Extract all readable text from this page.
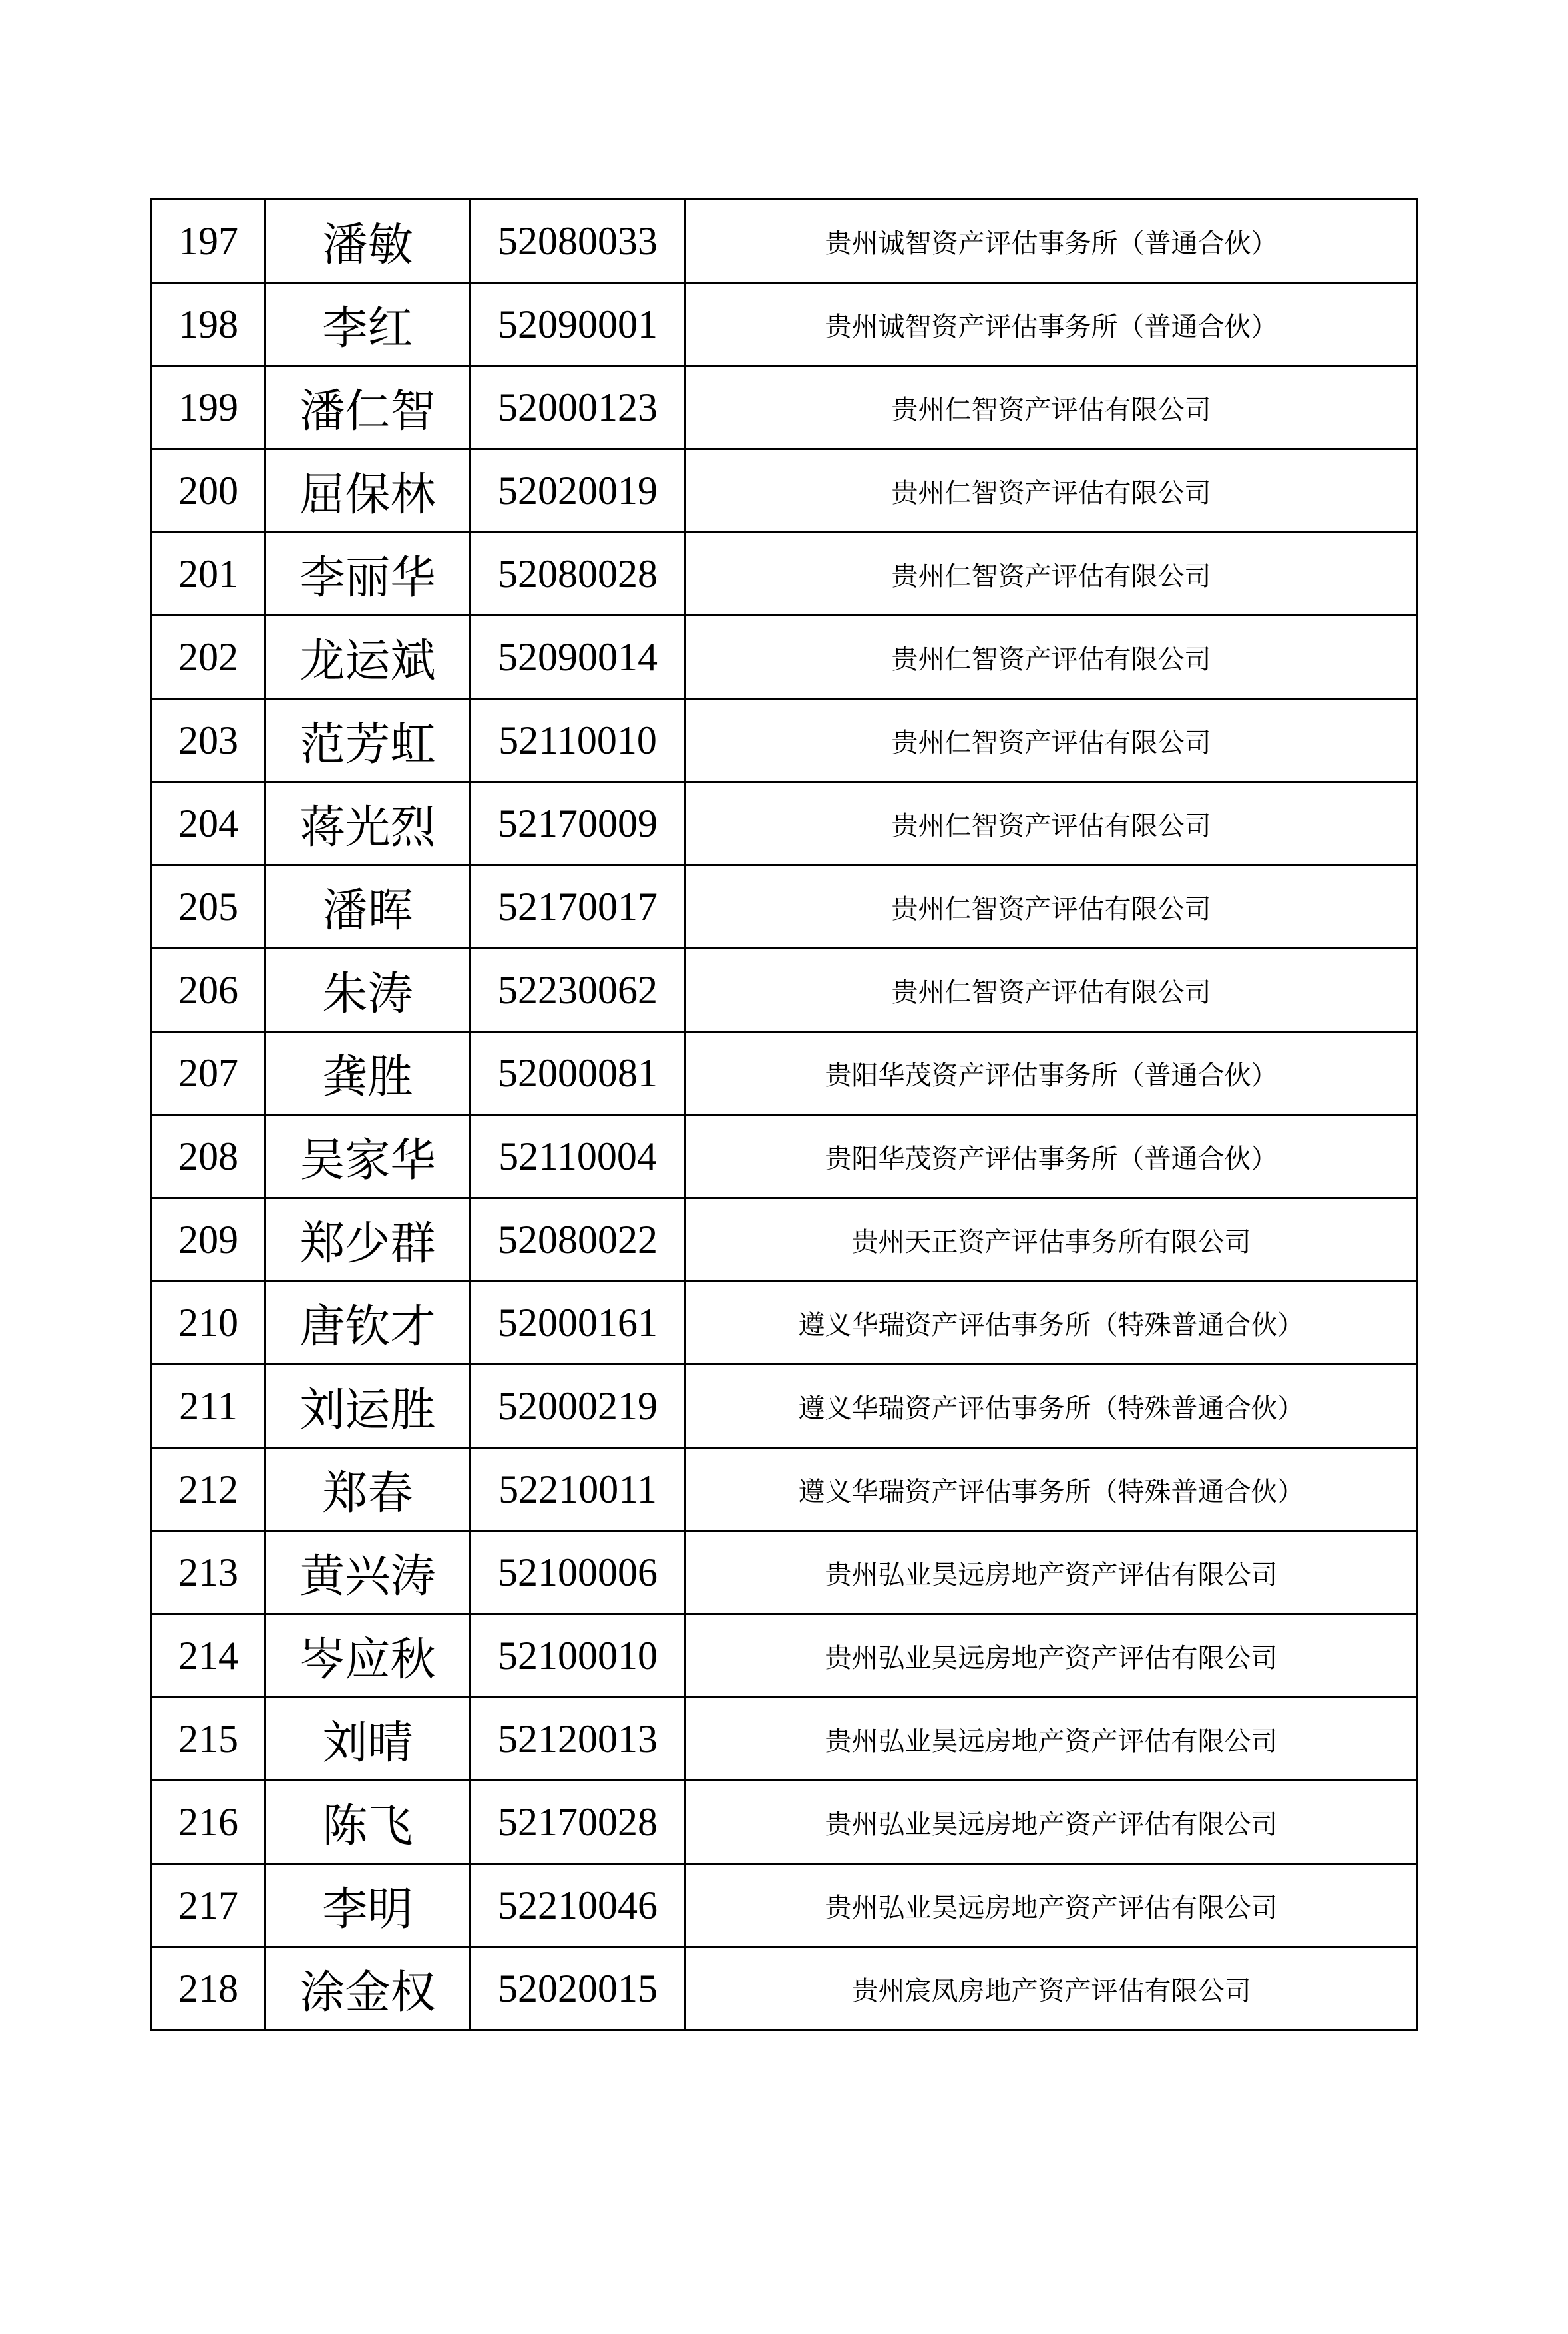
197	潘敏	52080033	贵州诚智资产评估事务所（普通合伙）
198	李红	52090001	贵州诚智资产评估事务所（普通合伙）
199	潘仁智	52000123	贵州仁智资产评估有限公司
200	屈保林	52020019	贵州仁智资产评估有限公司
201	李丽华	52080028	贵州仁智资产评估有限公司
202	龙运斌	52090014	贵州仁智资产评估有限公司
203	范芳虹	52110010	贵州仁智资产评估有限公司
204	蒋光烈	52170009	贵州仁智资产评估有限公司
205	潘晖	52170017	贵州仁智资产评估有限公司
206	朱涛	52230062	贵州仁智资产评估有限公司
207	龚胜	52000081	贵阳华茂资产评估事务所（普通合伙）
208	吴家华	52110004	贵阳华茂资产评估事务所（普通合伙）
209	郑少群	52080022	贵州天正资产评估事务所有限公司
210	唐钦才	52000161	遵义华瑞资产评估事务所（特殊普通合伙）
211	刘运胜	52000219	遵义华瑞资产评估事务所（特殊普通合伙）
212	郑春	52210011	遵义华瑞资产评估事务所（特殊普通合伙）
213	黄兴涛	52100006	贵州弘业昊远房地产资产评估有限公司
214	岑应秋	52100010	贵州弘业昊远房地产资产评估有限公司
215	刘晴	52120013	贵州弘业昊远房地产资产评估有限公司
216	陈飞	52170028	贵州弘业昊远房地产资产评估有限公司
217	李明	52210046	贵州弘业昊远房地产资产评估有限公司
218	涂金权	52020015	贵州宸凤房地产资产评估有限公司
